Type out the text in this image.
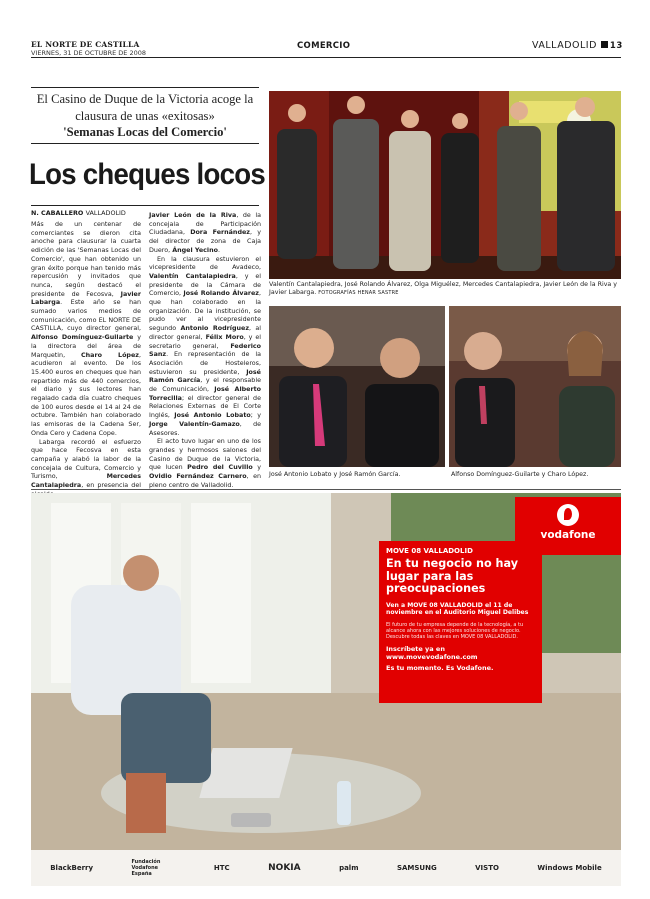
EL NORTE DE CASTILLA
VIERNES, 31 DE OCTUBRE DE 2008
COMERCIO	VALLADOLID 13
El Casino de Duque de la Victoria acoge la clausura de unas «exitosas»
'Semanas Locas del Comercio'
Los cheques locos
N. CABALLERO VALLADOLID

Más de un centenar de comerciantes se dieron cita anoche para clausurar la cuarta edición de las 'Semanas Locas del Comercio', que han obtenido un gran éxito porque han tenido más repercusión y invitados que nunca, según destacó el presidente de Fecosva, Javier Labarga. Este año se han sumado varios medios de comunicación, como EL NORTE DE CASTILLA, cuyo director general, Alfonso Domínguez-Guilarte y la directora del área de Marquetin, Charo López, acudieron al evento. De los 15.400 euros en cheques que han repartido más de 440 comercios, el diario y sus lectores han regalado cada día cuatro cheques de 100 euros desde el 14 al 24 de octubre. También han colaborado las emisoras de la Cadena Ser, Onda Cero y Cadena Cope.

Labarga recordó el esfuerzo que hace Fecosva en esta campaña y alabó la labor de la concejala de Cultura, Comercio y Turismo, Mercedes Cantalapiedra, en presencia del

Javier León de la Riva, de la concejala de Participación Ciudadana, Dora Fernández, y del director de zona de Caja Duero, Ángel Yecino.

En la clausura estuvieron el vicepresidente de Avadeco, Valentín Cantalapiedra, y el presidente de la Cámara de Comercio, José Rolando Álvarez, que han colaborado en la organización. De la institución, se pudo ver al vicepresidente segundo Antonio Rodríguez, al director general, Félix Moro, y el secretario general, Federico Sanz. En representación de la Asociación de Hosteleros, estuvieron su presidente, José Ramón García, y el responsable de Comunicación, José Alberto Torrecilla; el director general de Relaciones Externas de El Corte Inglés, José Antonio Lobato; y Jorge Valentín-Gamazo, de Asesores.

El acto tuvo lugar en uno de los grandes y hermosos salones del Casino de Duque de la Victoria, que lucen Pedro del Cuvillo y Ovidio Fernández Carnero, en pleno centro de Valladolid.

Valentín Cantalapiedra, José Rolando Álvarez, Olga Miguélez, Mercedes Cantalapiedra, Javier León de la Riva y Javier Labarga. FOTOGRAFÍAS HENAR SASTRE
José Antonio Lobato y José Ramón García.	Alfonso Domínguez-Guilarte y Charo López.
vodafone
MOVE 08 VALLADOLID
En tu negocio no hay lugar para las preocupaciones
Ven a MOVE 08 VALLADOLID el 11 de noviembre en el Auditorio Miguel Delibes
El futuro de tu empresa depende de la tecnología, a tu alcance ahora con las mejores soluciones de negocio. Descubre todas las claves en MOVE 08 VALLADOLID.
Inscríbete ya en www.movevodafone.com
Es tu momento. Es Vodafone.
BlackBerry
Fundación Vodafone España
HTC	NOKIA	palm	SAMSUNG	VISTO	Windows Mobile
